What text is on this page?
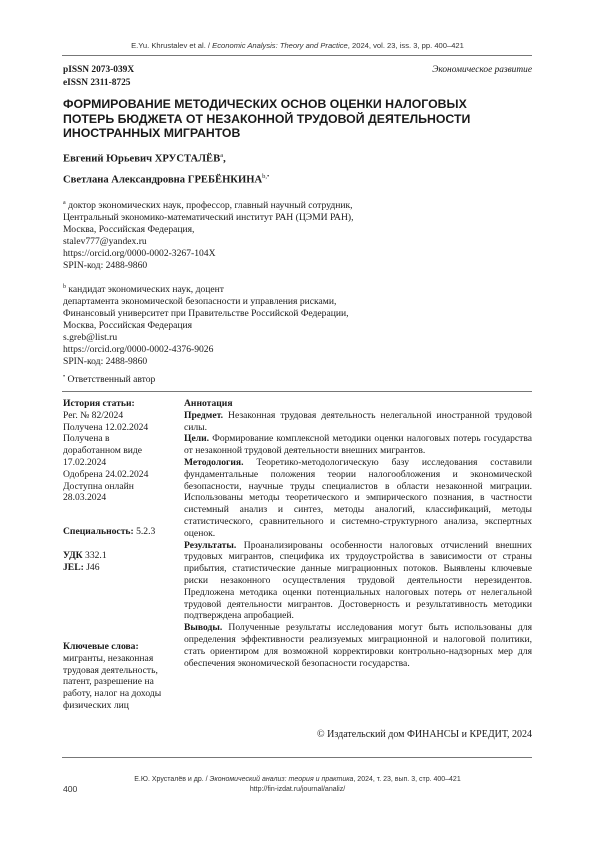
E.Yu. Khrustalev et al. / Economic Analysis: Theory and Practice, 2024, vol. 23, iss. 3, pp. 400–421
pISSN 2073-039X
eISSN 2311-8725
Экономическое развитие
ФОРМИРОВАНИЕ МЕТОДИЧЕСКИХ ОСНОВ ОЦЕНКИ НАЛОГОВЫХ
ПОТЕРЬ БЮДЖЕТА ОТ НЕЗАКОННОЙ ТРУДОВОЙ ДЕЯТЕЛЬНОСТИ
ИНОСТРАННЫХ МИГРАНТОВ
Евгений Юрьевич ХРУСТАЛЁВ$^a$,
Светлана Александровна $ГРЕБЁНКИНА^{b,•}$
$^a$ доктор экономических наук, профессор, главный научный сотрудник,
Центральный экономико-математический институт РАН (ЦЭМИ РАН),
Москва, Российская Федерация,
stalev777@yandex.ru
https://orcid.org/0000-0002-3267-104X
SPIN-код: 2488-9860
$^b$ кандидат экономических наук, доцент
департамента экономической безопасности и управления рисками,
Финансовый университет при Правительстве Российской Федерации,
Москва, Российская Федерация
s.greb@list.ru
https://orcid.org/0000-0002-4376-9026
SPIN-код: 2488-9860
• Ответственный автор
История статьи:
Рег. № 82/2024
Получена 12.02.2024
Получена в
доработанном виде
17.02.2024
Одобрена 24.02.2024
Доступна онлайн
28.03.2024
Специальность: 5.2.3
УДК 332.1
JEL: J46
Ключевые слова:
мигранты, незаконная
трудовая деятельность,
патент, разрешение на
работу, налог на доходы
физических лиц
Аннотация

Предмет. Незаконная трудовая деятельность нелегальной иностранной трудовой силы.

Цели. Формирование комплексной методики оценки налоговых потерь государства от незаконной трудовой деятельности внешних мигрантов.

Методология. Теоретико-методологическую базу исследования составили фундаментальные положения теории налогообложения и экономической безопасности, научные труды специалистов в области незаконной миграции. Использованы методы теоретического и эмпирического познания, в частности системный анализ и синтез, методы аналогий, классификаций, методы статистического, сравнительного и системно-структурного анализа, экспертных оценок.

Результаты. Проанализированы особенности налоговых отчислений внешних трудовых мигрантов, специфика их трудоустройства в зависимости от страны прибытия, статистические данные миграционных потоков. Выявлены ключевые риски незаконного осуществления трудовой деятельности нерезидентов. Предложена методика оценки потенциальных налоговых потерь от нелегальной трудовой деятельности мигрантов. Достоверность и результативность методики подтверждена апробацией.

Выводы. Полученные результаты исследования могут быть использованы для определения эффективности реализуемых миграционной и налоговой политики, стать ориентиром для возможной корректировки контрольно-надзорных мер для обеспечения экономической безопасности государства.

© Издательский дом ФИНАНСЫ и КРЕДИТ, 2024
Е.Ю. Хрусталёв и др. / Экономический анализ: теория и практика, 2024, т. 23, вып. 3, стр. 400–421
http://fin-izdat.ru/journal/analiz/
400
